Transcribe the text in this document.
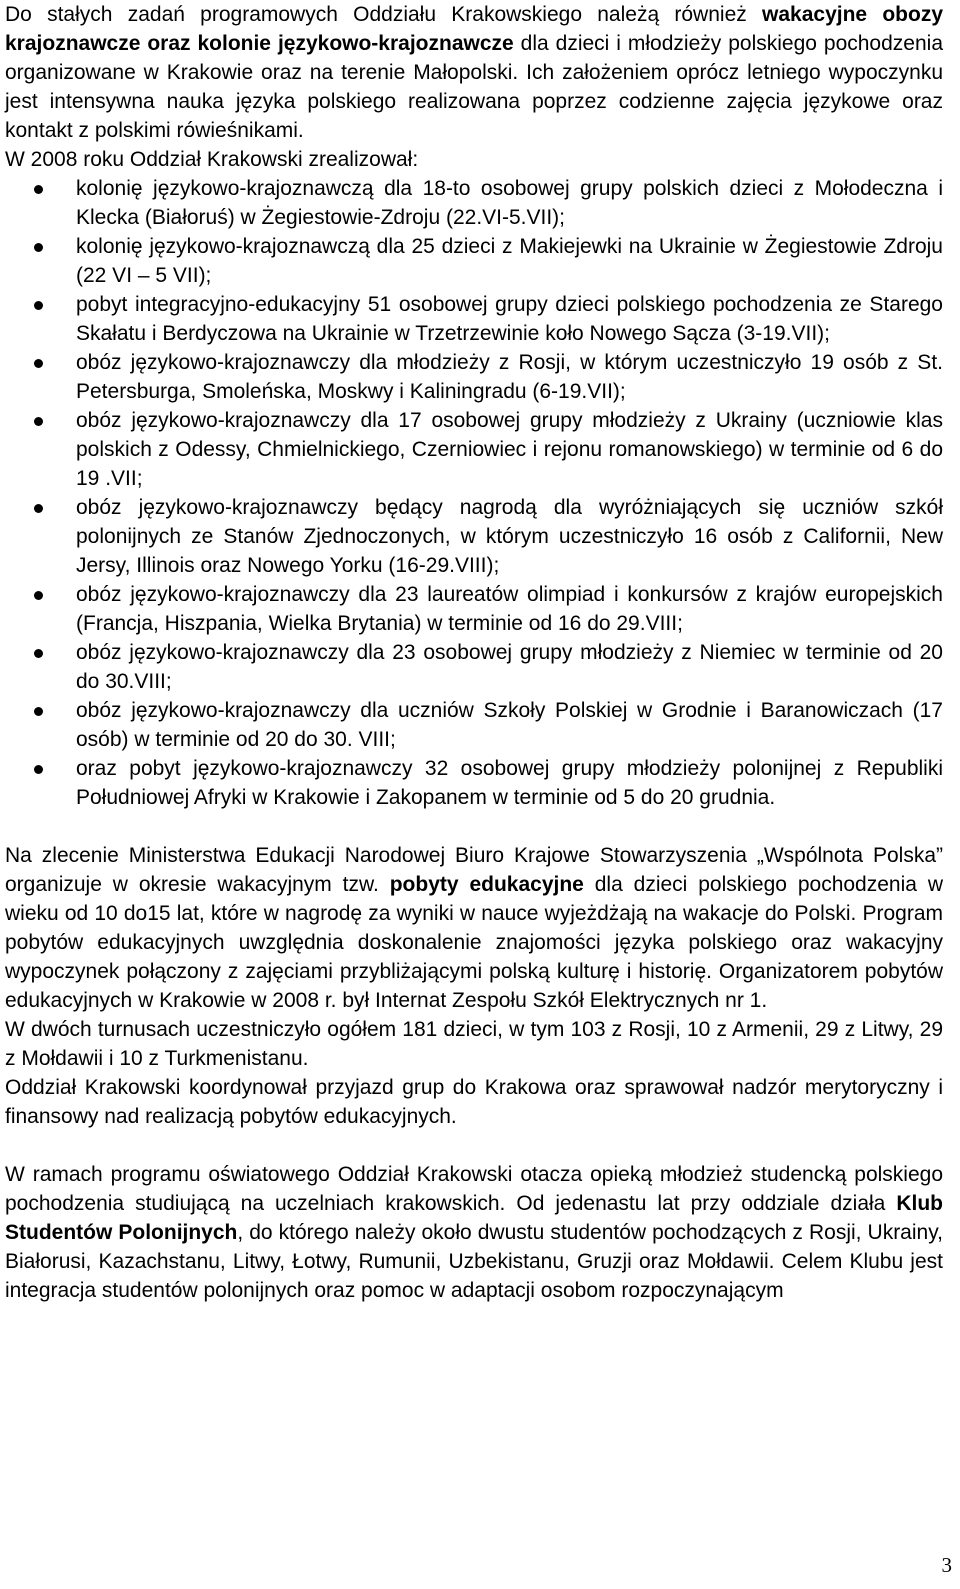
Do stałych zadań programowych Oddziału Krakowskiego należą również wakacyjne obozy krajoznawcze oraz kolonie językowo-krajoznawcze dla dzieci i młodzieży polskiego pochodzenia organizowane w Krakowie oraz na terenie Małopolski. Ich założeniem oprócz letniego wypoczynku jest intensywna nauka języka polskiego realizowana poprzez codzienne zajęcia językowe oraz kontakt z polskimi rówieśnikami.

W 2008 roku Oddział Krakowski zrealizował:

kolonię językowo-krajoznawczą dla 18-to osobowej grupy polskich dzieci z Mołodeczna i Klecka (Białoruś) w Żegiestowie-Zdroju (22.VI-5.VII);
kolonię językowo-krajoznawczą dla 25 dzieci z Makiejewki na Ukrainie w Żegiestowie Zdroju (22 VI – 5 VII);
pobyt integracyjno-edukacyjny 51 osobowej grupy dzieci polskiego pochodzenia ze Starego Skałatu i Berdyczowa na Ukrainie w Trzetrzewinie koło Nowego Sącza (3-19.VII);
obóz językowo-krajoznawczy dla młodzieży z Rosji, w którym uczestniczyło 19 osób z St. Petersburga, Smoleńska, Moskwy i Kaliningradu (6-19.VII);
obóz językowo-krajoznawczy dla 17 osobowej grupy młodzieży z Ukrainy (uczniowie klas polskich z Odessy, Chmielnickiego, Czerniowiec i rejonu romanowskiego) w terminie od 6 do 19 .VII;
obóz językowo-krajoznawczy będący nagrodą dla wyróżniających się uczniów szkół polonijnych ze Stanów Zjednoczonych, w którym uczestniczyło 16 osób z Californii, New Jersy, Illinois oraz Nowego Yorku (16-29.VIII);
obóz językowo-krajoznawczy dla 23 laureatów olimpiad i konkursów z krajów europejskich (Francja, Hiszpania, Wielka Brytania) w terminie od 16 do 29.VIII;
obóz językowo-krajoznawczy dla 23 osobowej grupy młodzieży z Niemiec w terminie od 20 do 30.VIII;
obóz językowo-krajoznawczy dla uczniów Szkoły Polskiej w Grodnie i Baranowiczach (17 osób) w terminie od 20 do 30. VIII;
oraz pobyt językowo-krajoznawczy 32 osobowej grupy młodzieży polonijnej z Republiki Południowej Afryki w Krakowie i Zakopanem w terminie od 5 do 20 grudnia.

Na zlecenie Ministerstwa Edukacji Narodowej Biuro Krajowe Stowarzyszenia „Wspólnota Polska” organizuje w okresie wakacyjnym tzw. pobyty edukacyjne dla dzieci polskiego pochodzenia w wieku od 10 do15 lat, które w nagrodę za wyniki w nauce wyjeżdżają na wakacje do Polski. Program pobytów edukacyjnych uwzględnia doskonalenie znajomości języka polskiego oraz wakacyjny wypoczynek połączony z zajęciami przybliżającymi polską kulturę i historię. Organizatorem pobytów edukacyjnych w Krakowie w 2008 r. był Internat Zespołu Szkół Elektrycznych nr 1.

W dwóch turnusach uczestniczyło ogółem 181 dzieci, w tym 103 z Rosji, 10 z Armenii, 29 z Litwy, 29 z Mołdawii i 10 z Turkmenistanu.

Oddział Krakowski koordynował przyjazd grup do Krakowa oraz sprawował nadzór merytoryczny i finansowy nad realizacją pobytów edukacyjnych.

W ramach programu oświatowego Oddział Krakowski otacza opieką młodzież studencką polskiego pochodzenia studiującą na uczelniach krakowskich. Od jedenastu lat przy oddziale działa Klub Studentów Polonijnych, do którego należy około dwustu studentów pochodzących z Rosji, Ukrainy, Białorusi, Kazachstanu, Litwy, Łotwy, Rumunii, Uzbekistanu, Gruzji oraz Mołdawii. Celem Klubu jest integracja studentów polonijnych oraz pomoc w adaptacji osobom rozpoczynającym

3
